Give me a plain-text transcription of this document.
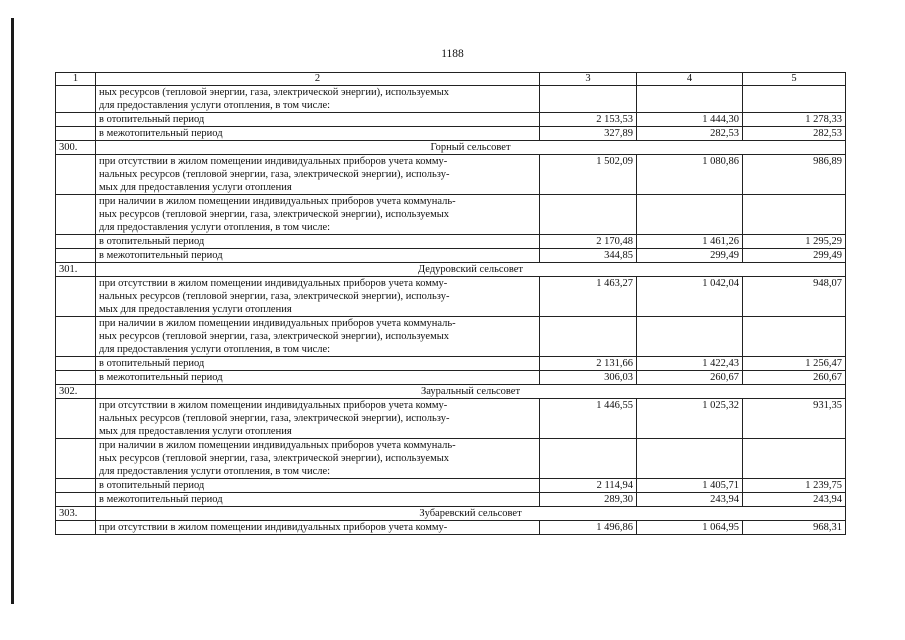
1188
1	2	3	4	5
	ных ресурсов (тепловой энергии, газа, электрической энергии), используемых
для предоставления услуги отопления, в том числе:			
	в отопительный период	2 153,53	1 444,30	1 278,33
	в межотопительный период	327,89	282,53	282,53
300.	Горный сельсовет			
	при отсутствии в жилом помещении индивидуальных приборов учета комму-
нальных ресурсов (тепловой энергии, газа, электрической энергии), использу-
мых для предоставления услуги отопления	1 502,09	1 080,86	986,89
	при наличии в жилом помещении индивидуальных приборов учета коммуналь-
ных ресурсов (тепловой энергии, газа, электрической энергии), используемых
для предоставления услуги отопления, в том числе:			
	в отопительный период	2 170,48	1 461,26	1 295,29
	в межотопительный период	344,85	299,49	299,49
301.	Дедуровский сельсовет			
	при отсутствии в жилом помещении индивидуальных приборов учета комму-
нальных ресурсов (тепловой энергии, газа, электрической энергии), использу-
мых для предоставления услуги отопления	1 463,27	1 042,04	948,07
	при наличии в жилом помещении индивидуальных приборов учета коммуналь-
ных ресурсов (тепловой энергии, газа, электрической энергии), используемых
для предоставления услуги отопления, в том числе:			
	в отопительный период	2 131,66	1 422,43	1 256,47
	в межотопительный период	306,03	260,67	260,67
302.	Зауральный сельсовет			
	при отсутствии в жилом помещении индивидуальных приборов учета комму-
нальных ресурсов (тепловой энергии, газа, электрической энергии), использу-
мых для предоставления услуги отопления	1 446,55	1 025,32	931,35
	при наличии в жилом помещении индивидуальных приборов учета коммуналь-
ных ресурсов (тепловой энергии, газа, электрической энергии), используемых
для предоставления услуги отопления, в том числе:			
	в отопительный период	2 114,94	1 405,71	1 239,75
	в межотопительный период	289,30	243,94	243,94
303.	Зубаревский сельсовет			
	при отсутствии в жилом помещении индивидуальных приборов учета комму-	1 496,86	1 064,95	968,31
